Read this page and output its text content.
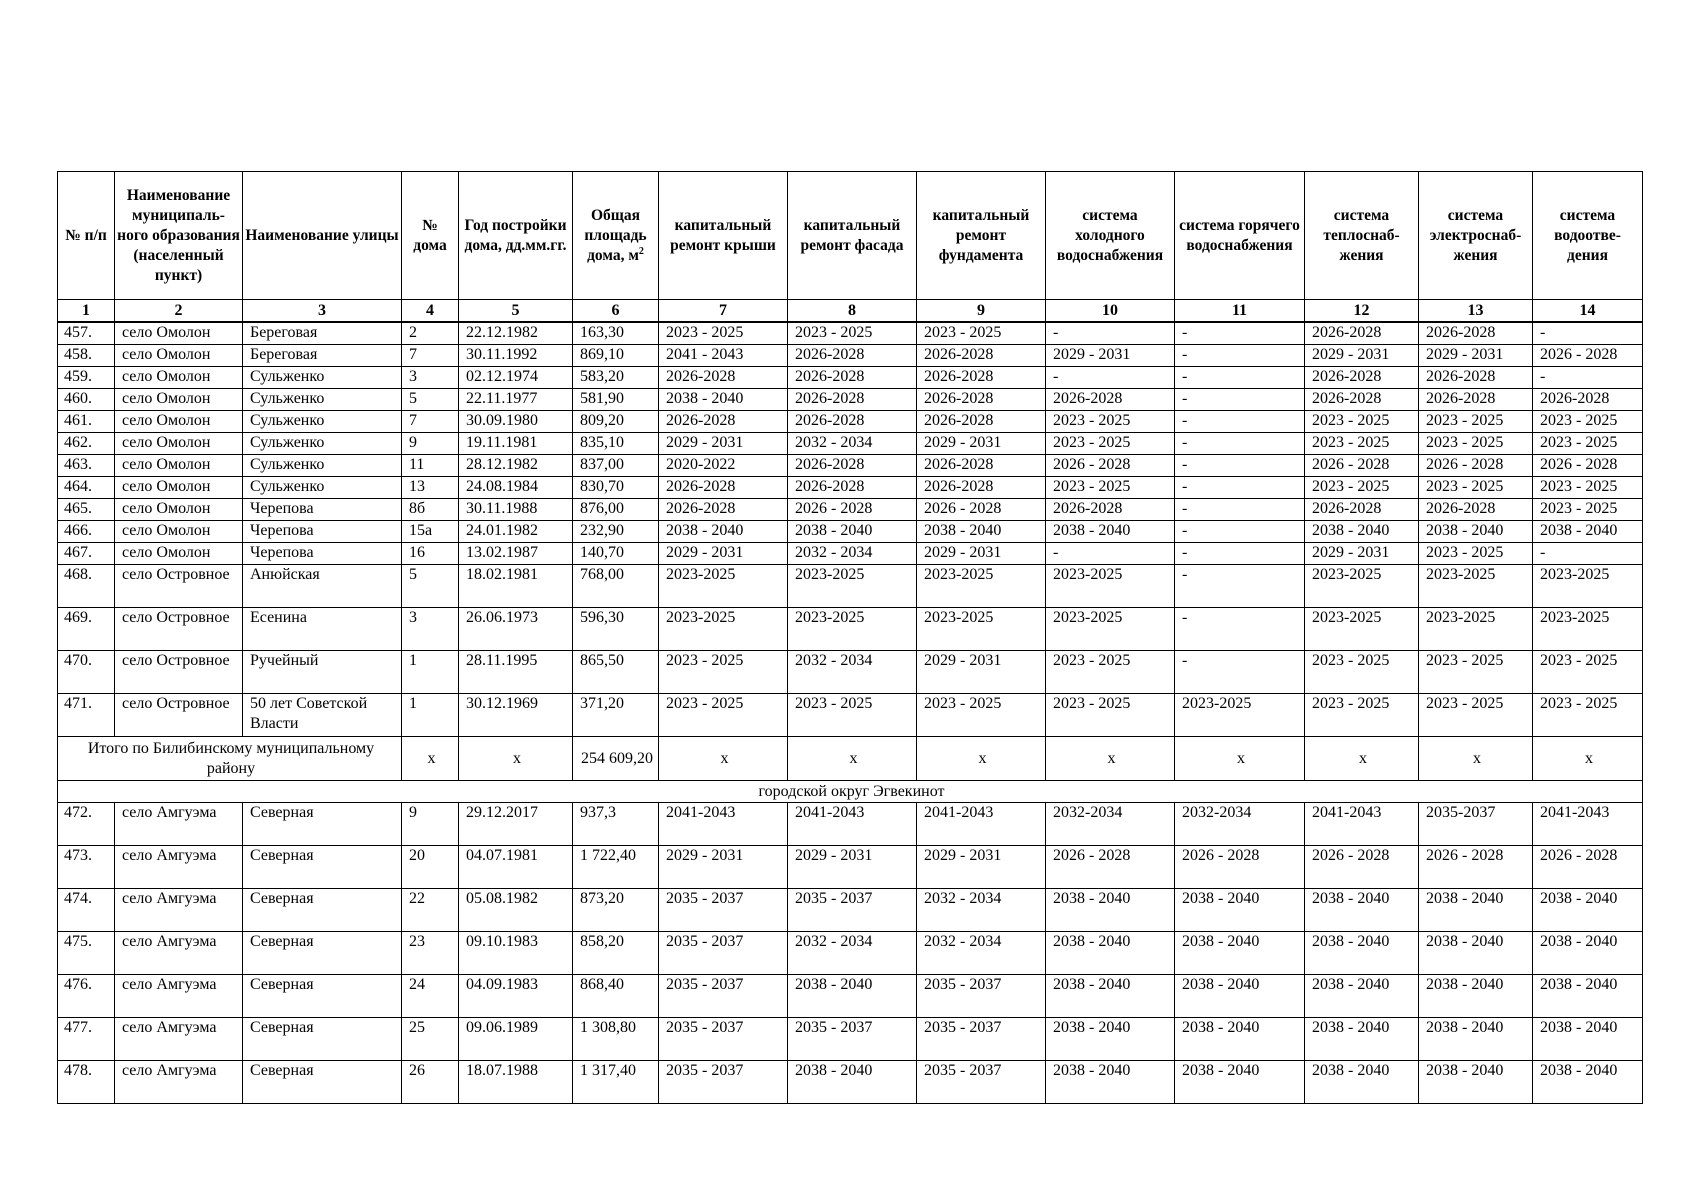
№ п/п	Наименование муниципаль-ного образования (населенный пункт)	Наименование улицы	№ дома	Год постройки дома, дд.мм.гг.	Общая площадь дома, $м^2$	капитальный ремонт крыши	капитальный ремонт фасада	капитальный ремонт фундамента	система холодного водоснабжения	система горячего водоснабжения	система теплоснаб-жения	система электроснаб-жения	система водоотве-дения
1	2	3	4	5	6	7	8	9	10	11	12	13	14
457.	село Омолон	Береговая	2	22.12.1982	163,30	2023 - 2025	2023 - 2025	2023 - 2025	-	-	2026-2028	2026-2028	-
458.	село Омолон	Береговая	7	30.11.1992	869,10	2041 - 2043	2026-2028	2026-2028	2029 - 2031	-	2029 - 2031	2029 - 2031	2026 - 2028
459.	село Омолон	Сульженко	3	02.12.1974	583,20	2026-2028	2026-2028	2026-2028	-	-	2026-2028	2026-2028	-
460.	село Омолон	Сульженко	5	22.11.1977	581,90	2038 - 2040	2026-2028	2026-2028	2026-2028	-	2026-2028	2026-2028	2026-2028
461.	село Омолон	Сульженко	7	30.09.1980	809,20	2026-2028	2026-2028	2026-2028	2023 - 2025	-	2023 - 2025	2023 - 2025	2023 - 2025
462.	село Омолон	Сульженко	9	19.11.1981	835,10	2029 - 2031	2032 - 2034	2029 - 2031	2023 - 2025	-	2023 - 2025	2023 - 2025	2023 - 2025
463.	село Омолон	Сульженко	11	28.12.1982	837,00	2020-2022	2026-2028	2026-2028	2026 - 2028	-	2026 - 2028	2026 - 2028	2026 - 2028
464.	село Омолон	Сульженко	13	24.08.1984	830,70	2026-2028	2026-2028	2026-2028	2023 - 2025	-	2023 - 2025	2023 - 2025	2023 - 2025
465.	село Омолон	Черепова	8б	30.11.1988	876,00	2026-2028	2026 - 2028	2026 - 2028	2026-2028	-	2026-2028	2026-2028	2023 - 2025
466.	село Омолон	Черепова	15а	24.01.1982	232,90	2038 - 2040	2038 - 2040	2038 - 2040	2038 - 2040	-	2038 - 2040	2038 - 2040	2038 - 2040
467.	село Омолон	Черепова	16	13.02.1987	140,70	2029 - 2031	2032 - 2034	2029 - 2031	-	-	2029 - 2031	2023 - 2025	-
468.	село Островное	Анюйская	5	18.02.1981	768,00	2023-2025	2023-2025	2023-2025	2023-2025	-	2023-2025	2023-2025	2023-2025
469.	село Островное	Есенина	3	26.06.1973	596,30	2023-2025	2023-2025	2023-2025	2023-2025	-	2023-2025	2023-2025	2023-2025
470.	село Островное	Ручейный	1	28.11.1995	865,50	2023 - 2025	2032 - 2034	2029 - 2031	2023 - 2025	-	2023 - 2025	2023 - 2025	2023 - 2025
471.	село Островное	50 лет Советской Власти	1	30.12.1969	371,20	2023 - 2025	2023 - 2025	2023 - 2025	2023 - 2025	2023-2025	2023 - 2025	2023 - 2025	2023 - 2025
Итого по Билибинскому муниципальному району			х	х	254 609,20	х	х	х	х	х	х	х	х
городской округ Эгвекинот													
472.	село Амгуэма	Северная	9	29.12.2017	937,3	2041-2043	2041-2043	2041-2043	2032-2034	2032-2034	2041-2043	2035-2037	2041-2043
473.	село Амгуэма	Северная	20	04.07.1981	1 722,40	2029 - 2031	2029 - 2031	2029 - 2031	2026 - 2028	2026 - 2028	2026 - 2028	2026 - 2028	2026 - 2028
474.	село Амгуэма	Северная	22	05.08.1982	873,20	2035 - 2037	2035 - 2037	2032 - 2034	2038 - 2040	2038 - 2040	2038 - 2040	2038 - 2040	2038 - 2040
475.	село Амгуэма	Северная	23	09.10.1983	858,20	2035 - 2037	2032 - 2034	2032 - 2034	2038 - 2040	2038 - 2040	2038 - 2040	2038 - 2040	2038 - 2040
476.	село Амгуэма	Северная	24	04.09.1983	868,40	2035 - 2037	2038 - 2040	2035 - 2037	2038 - 2040	2038 - 2040	2038 - 2040	2038 - 2040	2038 - 2040
477.	село Амгуэма	Северная	25	09.06.1989	1 308,80	2035 - 2037	2035 - 2037	2035 - 2037	2038 - 2040	2038 - 2040	2038 - 2040	2038 - 2040	2038 - 2040
478.	село Амгуэма	Северная	26	18.07.1988	1 317,40	2035 - 2037	2038 - 2040	2035 - 2037	2038 - 2040	2038 - 2040	2038 - 2040	2038 - 2040	2038 - 2040
